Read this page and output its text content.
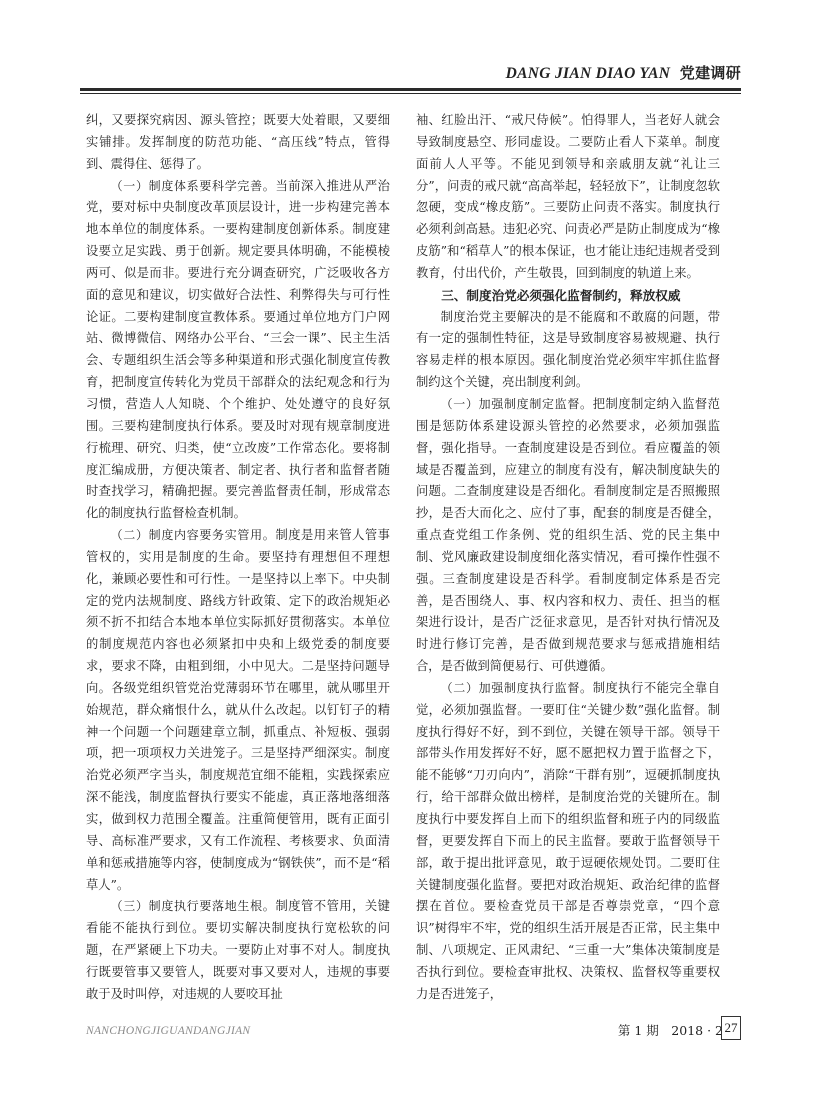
DANG JIAN DIAO YAN 党建调研

纠，又要探究病因、源头管控；既要大处着眼，又要细实铺排。发挥制度的防范功能、“高压线”特点，管得到、震得住、惩得了。

（一）制度体系要科学完善。当前深入推进从严治党，要对标中央制度改革顶层设计，进一步构建完善本地本单位的制度体系。一要构建制度创新体系。制度建设要立足实践、勇于创新。规定要具体明确，不能模棱两可、似是而非。要进行充分调查研究，广泛吸收各方面的意见和建议，切实做好合法性、利弊得失与可行性论证。二要构建制度宣教体系。要通过单位地方门户网站、微博微信、网络办公平台、“三会一课”、民主生活会、专题组织生活会等多种渠道和形式强化制度宣传教育，把制度宣传转化为党员干部群众的法纪观念和行为习惯，营造人人知晓、个个维护、处处遵守的良好氛围。三要构建制度执行体系。要及时对现有规章制度进行梳理、研究、归类，使“立改废”工作常态化。要将制度汇编成册，方便决策者、制定者、执行者和监督者随时查找学习，精确把握。要完善监督责任制，形成常态化的制度执行监督检查机制。

（二）制度内容要务实管用。制度是用来管人管事管权的，实用是制度的生命。要坚持有理想但不理想化，兼顾必要性和可行性。一是坚持以上率下。中央制定的党内法规制度、路线方针政策、定下的政治规矩必须不折不扣结合本地本单位实际抓好贯彻落实。本单位的制度规范内容也必须紧扣中央和上级党委的制度要求，要求不降，由粗到细，小中见大。二是坚持问题导向。各级党组织管党治党薄弱环节在哪里，就从哪里开始规范，群众痛恨什么，就从什么改起。以钉钉子的精神一个问题一个问题建章立制，抓重点、补短板、强弱项，把一项项权力关进笼子。三是坚持严细深实。制度治党必须严字当头，制度规范宜细不能粗，实践探索应深不能浅，制度监督执行要实不能虚，真正落地落细落实，做到权力范围全覆盖。注重简便管用，既有正面引导、高标准严要求，又有工作流程、考核要求、负面清单和惩戒措施等内容，使制度成为“钢铁侠”，而不是“稻草人”。

（三）制度执行要落地生根。制度管不管用，关键看能不能执行到位。要切实解决制度执行宽松软的问题，在严紧硬上下功夫。一要防止对事不对人。制度执行既要管事又要管人，既要对事又要对人，违规的事要敢于及时叫停，对违规的人要咬耳扯

袖、红脸出汗、“戒尺侍候”。怕得罪人，当老好人就会导致制度悬空、形同虚设。二要防止看人下菜单。制度面前人人平等。不能见到领导和亲戚朋友就“礼让三分”，问责的戒尺就“高高举起，轻轻放下”，让制度忽软忽硬，变成“橡皮筋”。三要防止问责不落实。制度执行必须利剑高悬。违犯必究、问责必严是防止制度成为“橡皮筋”和“稻草人”的根本保证，也才能让违纪违规者受到教育，付出代价，产生敬畏，回到制度的轨道上来。

三、制度治党必须强化监督制约，释放权威

制度治党主要解决的是不能腐和不敢腐的问题，带有一定的强制性特征，这是导致制度容易被规避、执行容易走样的根本原因。强化制度治党必须牢牢抓住监督制约这个关键，亮出制度利剑。

（一）加强制度制定监督。把制度制定纳入监督范围是惩防体系建设源头管控的必然要求，必须加强监督，强化指导。一查制度建设是否到位。看应覆盖的领域是否覆盖到，应建立的制度有没有，解决制度缺失的问题。二查制度建设是否细化。看制度制定是否照搬照抄，是否大而化之、应付了事，配套的制度是否健全，重点查党组工作条例、党的组织生活、党的民主集中制、党风廉政建设制度细化落实情况，看可操作性强不强。三查制度建设是否科学。看制度制定体系是否完善，是否围绕人、事、权内容和权力、责任、担当的框架进行设计，是否广泛征求意见，是否针对执行情况及时进行修订完善，是否做到规范要求与惩戒措施相结合，是否做到简便易行、可供遵循。

（二）加强制度执行监督。制度执行不能完全靠自觉，必须加强监督。一要盯住“关键少数”强化监督。制度执行得好不好，到不到位，关键在领导干部。领导干部带头作用发挥好不好，愿不愿把权力置于监督之下，能不能够“刀刃向内”，消除“干群有别”，逗硬抓制度执行，给干部群众做出榜样，是制度治党的关键所在。制度执行中要发挥自上而下的组织监督和班子内的同级监督，更要发挥自下而上的民主监督。要敢于监督领导干部，敢于提出批评意见，敢于逗硬依规处罚。二要盯住关键制度强化监督。要把对政治规矩、政治纪律的监督摆在首位。要检查党员干部是否尊崇党章，“四个意识”树得牢不牢，党的组织生活开展是否正常，民主集中制、八项规定、正风肃纪、“三重一大”集体决策制度是否执行到位。要检查审批权、决策权、监督权等重要权力是否进笼子，

NANCHONGJIGUANDANGJIAN	第 1 期　2018 · 2 27
